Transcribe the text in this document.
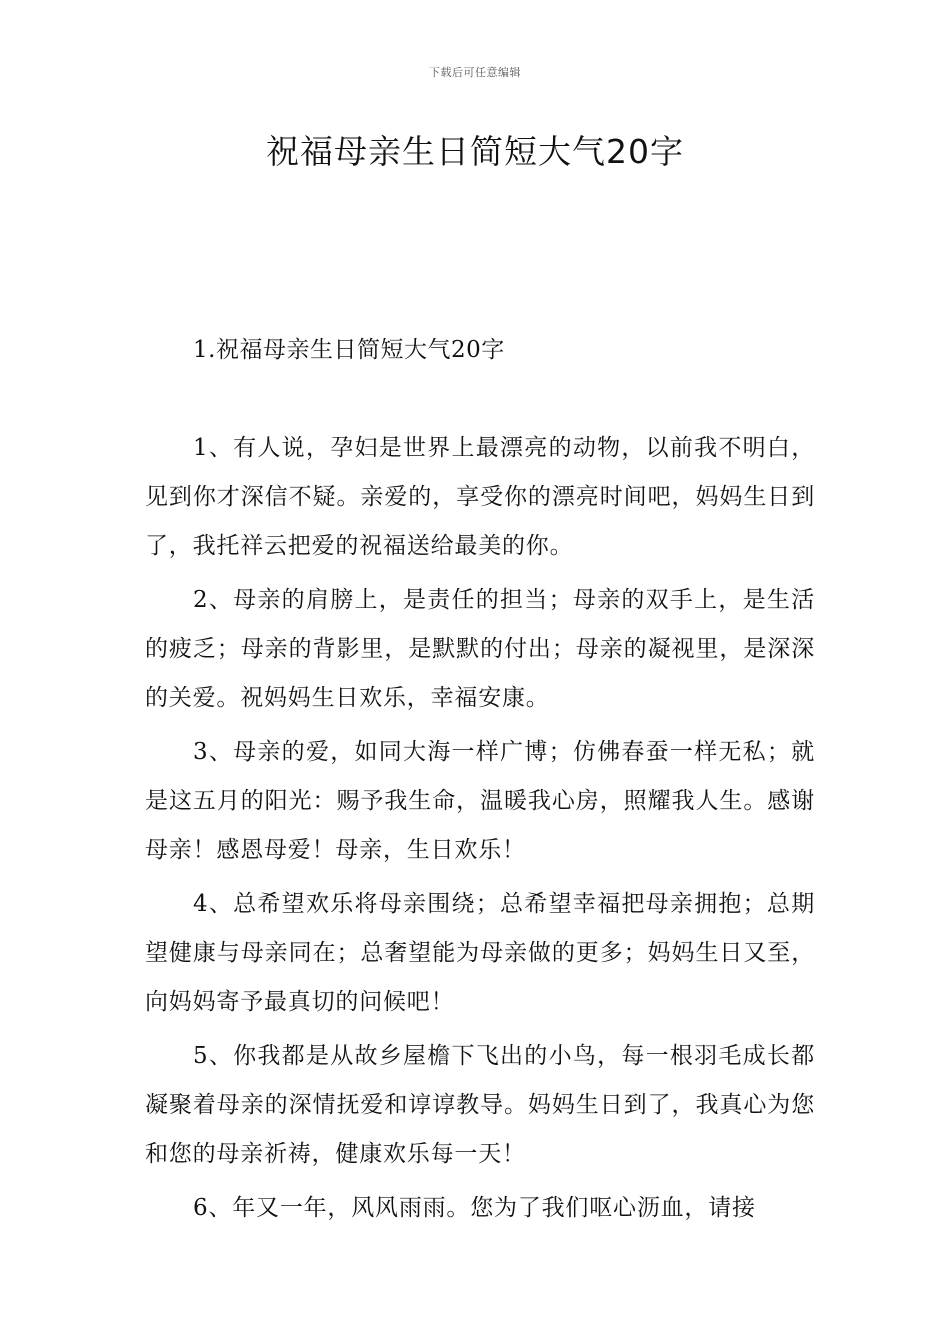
下载后可任意编辑
祝福母亲生日简短大气20字

1.祝福母亲生日简短大气20字

1、有人说，孕妇是世界上最漂亮的动物，以前我不明白，见到你才深信不疑。亲爱的，享受你的漂亮时间吧，妈妈生日到了，我托祥云把爱的祝福送给最美的你。

2、母亲的肩膀上，是责任的担当；母亲的双手上，是生活的疲乏；母亲的背影里，是默默的付出；母亲的凝视里，是深深的关爱。祝妈妈生日欢乐，幸福安康。

3、母亲的爱，如同大海一样广博；仿佛春蚕一样无私；就是这五月的阳光：赐予我生命，温暖我心房，照耀我人生。感谢母亲！感恩母爱！母亲，生日欢乐！

4、总希望欢乐将母亲围绕；总希望幸福把母亲拥抱；总期望健康与母亲同在；总奢望能为母亲做的更多；妈妈生日又至，向妈妈寄予最真切的问候吧！

5、你我都是从故乡屋檐下飞出的小鸟，每一根羽毛成长都凝聚着母亲的深情抚爱和谆谆教导。妈妈生日到了，我真心为您和您的母亲祈祷，健康欢乐每一天！

6、年又一年，风风雨雨。您为了我们呕心沥血，请接
